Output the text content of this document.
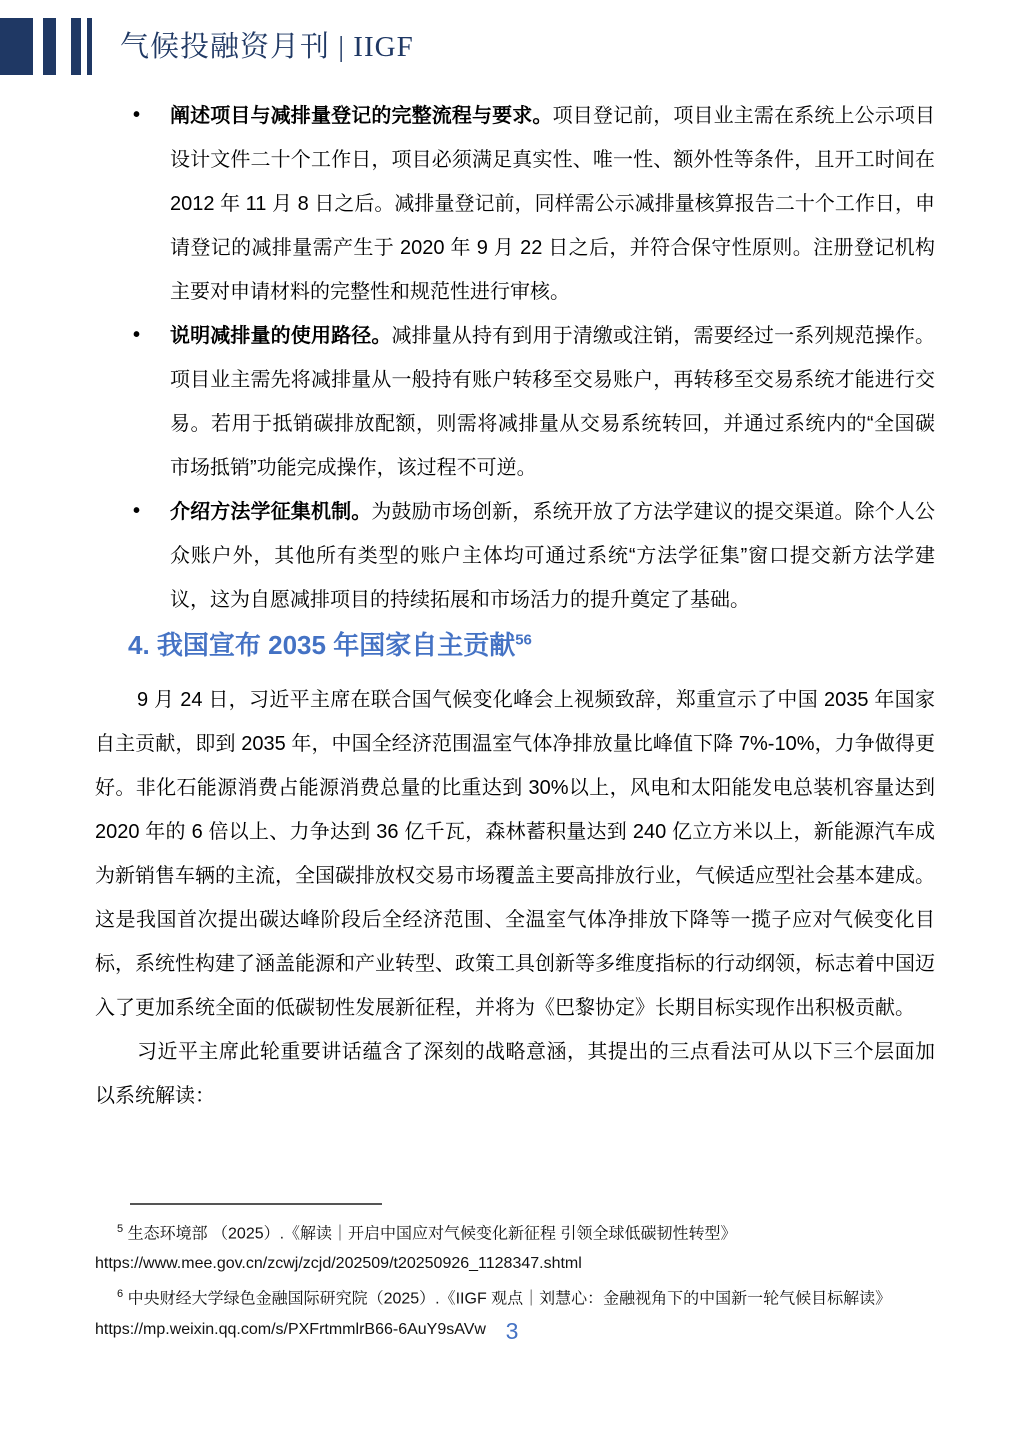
气候投融资月刊 | IIGF
• 阐述项目与减排量登记的完整流程与要求。项目登记前，项目业主需在系统上公示项目设计文件二十个工作日，项目必须满足真实性、唯一性、额外性等条件，且开工时间在 2012 年 11 月 8 日之后。减排量登记前，同样需公示减排量核算报告二十个工作日，申请登记的减排量需产生于 2020 年 9 月 22 日之后，并符合保守性原则。注册登记机构主要对申请材料的完整性和规范性进行审核。
• 说明减排量的使用路径。减排量从持有到用于清缴或注销，需要经过一系列规范操作。项目业主需先将减排量从一般持有账户转移至交易账户，再转移至交易系统才能进行交易。若用于抵销碳排放配额，则需将减排量从交易系统转回，并通过系统内的“全国碳市场抵销”功能完成操作，该过程不可逆。
• 介绍方法学征集机制。为鼓励市场创新，系统开放了方法学建议的提交渠道。除个人公众账户外，其他所有类型的账户主体均可通过系统“方法学征集”窗口提交新方法学建议，这为自愿减排项目的持续拓展和市场活力的提升奠定了基础。
4. 我国宣布 2035 年国家自主贡献$^{56}$

9 月 24 日，习近平主席在联合国气候变化峰会上视频致辞，郑重宣示了中国 2035 年国家自主贡献，即到 2035 年，中国全经济范围温室气体净排放量比峰值下降 7%-10%，力争做得更好。非化石能源消费占能源消费总量的比重达到 30%以上，风电和太阳能发电总装机容量达到 2020 年的 6 倍以上、力争达到 36 亿千瓦，森林蓄积量达到 240 亿立方米以上，新能源汽车成为新销售车辆的主流，全国碳排放权交易市场覆盖主要高排放行业，气候适应型社会基本建成。这是我国首次提出碳达峰阶段后全经济范围、全温室气体净排放下降等一揽子应对气候变化目标，系统性构建了涵盖能源和产业转型、政策工具创新等多维度指标的行动纲领，标志着中国迈入了更加系统全面的低碳韧性发展新征程，并将为《巴黎协定》长期目标实现作出积极贡献。

习近平主席此轮重要讲话蕴含了深刻的战略意涵，其提出的三点看法可从以下三个层面加以系统解读：

$^5$ 生态环境部 （2025）.《解读｜开启中国应对气候变化新征程 引领全球低碳韧性转型》

https://www.mee.gov.cn/zcwj/zcjd/202509/t20250926_1128347.shtml

$^6$ 中央财经大学绿色金融国际研究院（2025）.《IIGF 观点｜刘慧心：金融视角下的中国新一轮气候目标解读》

https://mp.weixin.qq.com/s/PXFrtmmlrB66-6AuY9sAVw 3
